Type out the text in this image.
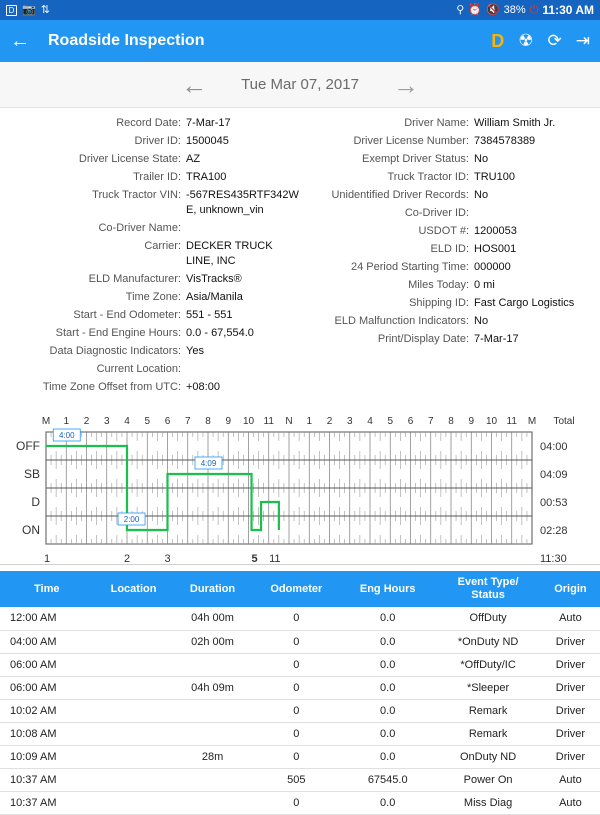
D 📷 ⇅	⚲ ⏰ 🔇 38% ⏻ 11:30 AM
←	Roadside Inspection	D ☢ ⟳ ⇥
← Tue Mar 07, 2017 →
Record Date: 7-Mar-17
Driver ID: 1500045
Driver License State: AZ
Trailer ID: TRA100
Truck Tractor VIN: -567RES435RTF342WE, unknown_vin
Co-Driver Name:
Carrier: DECKER TRUCK LINE, INC
ELD Manufacturer: VisTracks®
Time Zone: Asia/Manila
Start - End Odometer: 551 - 551
Start - End Engine Hours: 0.0 - 67,554.0
Data Diagnostic Indicators: Yes
Current Location:
Time Zone Offset from UTC: +08:00
Driver Name: William Smith Jr.
Driver License Number: 7384578389
Exempt Driver Status: No
Truck Tractor ID: TRU100
Unidentified Driver Records: No
Co-Driver ID:
USDOT #: 1200053
ELD ID: HOS001
24 Period Starting Time: 000000
Miles Today: 0 mi
Shipping ID: Fast Cargo Logistics
ELD Malfunction Indicators: No
Print/Display Date: 7-Mar-17
M 1 2 3 4 5 6 7 8 9 10 11 N 1 2 3 4 5 6 7 8 9 10 11 M Total
OFF	04:00
SB	04:09
D	00:53
ON	02:28
11:30
1	2	3	5 11
4:00
4:09
2:00
Time	Location	Duration	Odometer	Eng Hours	Event Type/
Status	Origin
12:00 AM		04h 00m	0	0.0	OffDuty	Auto
04:00 AM		02h 00m	0	0.0	*OnDuty ND	Driver
06:00 AM			0	0.0	*OffDuty/IC	Driver
06:00 AM		04h 09m	0	0.0	*Sleeper	Driver
10:02 AM			0	0.0	Remark	Driver
10:08 AM			0	0.0	Remark	Driver
10:09 AM		28m	0	0.0	OnDuty ND	Driver
10:37 AM			505	67545.0	Power On	Auto
10:37 AM			0	0.0	Miss Diag	Auto
